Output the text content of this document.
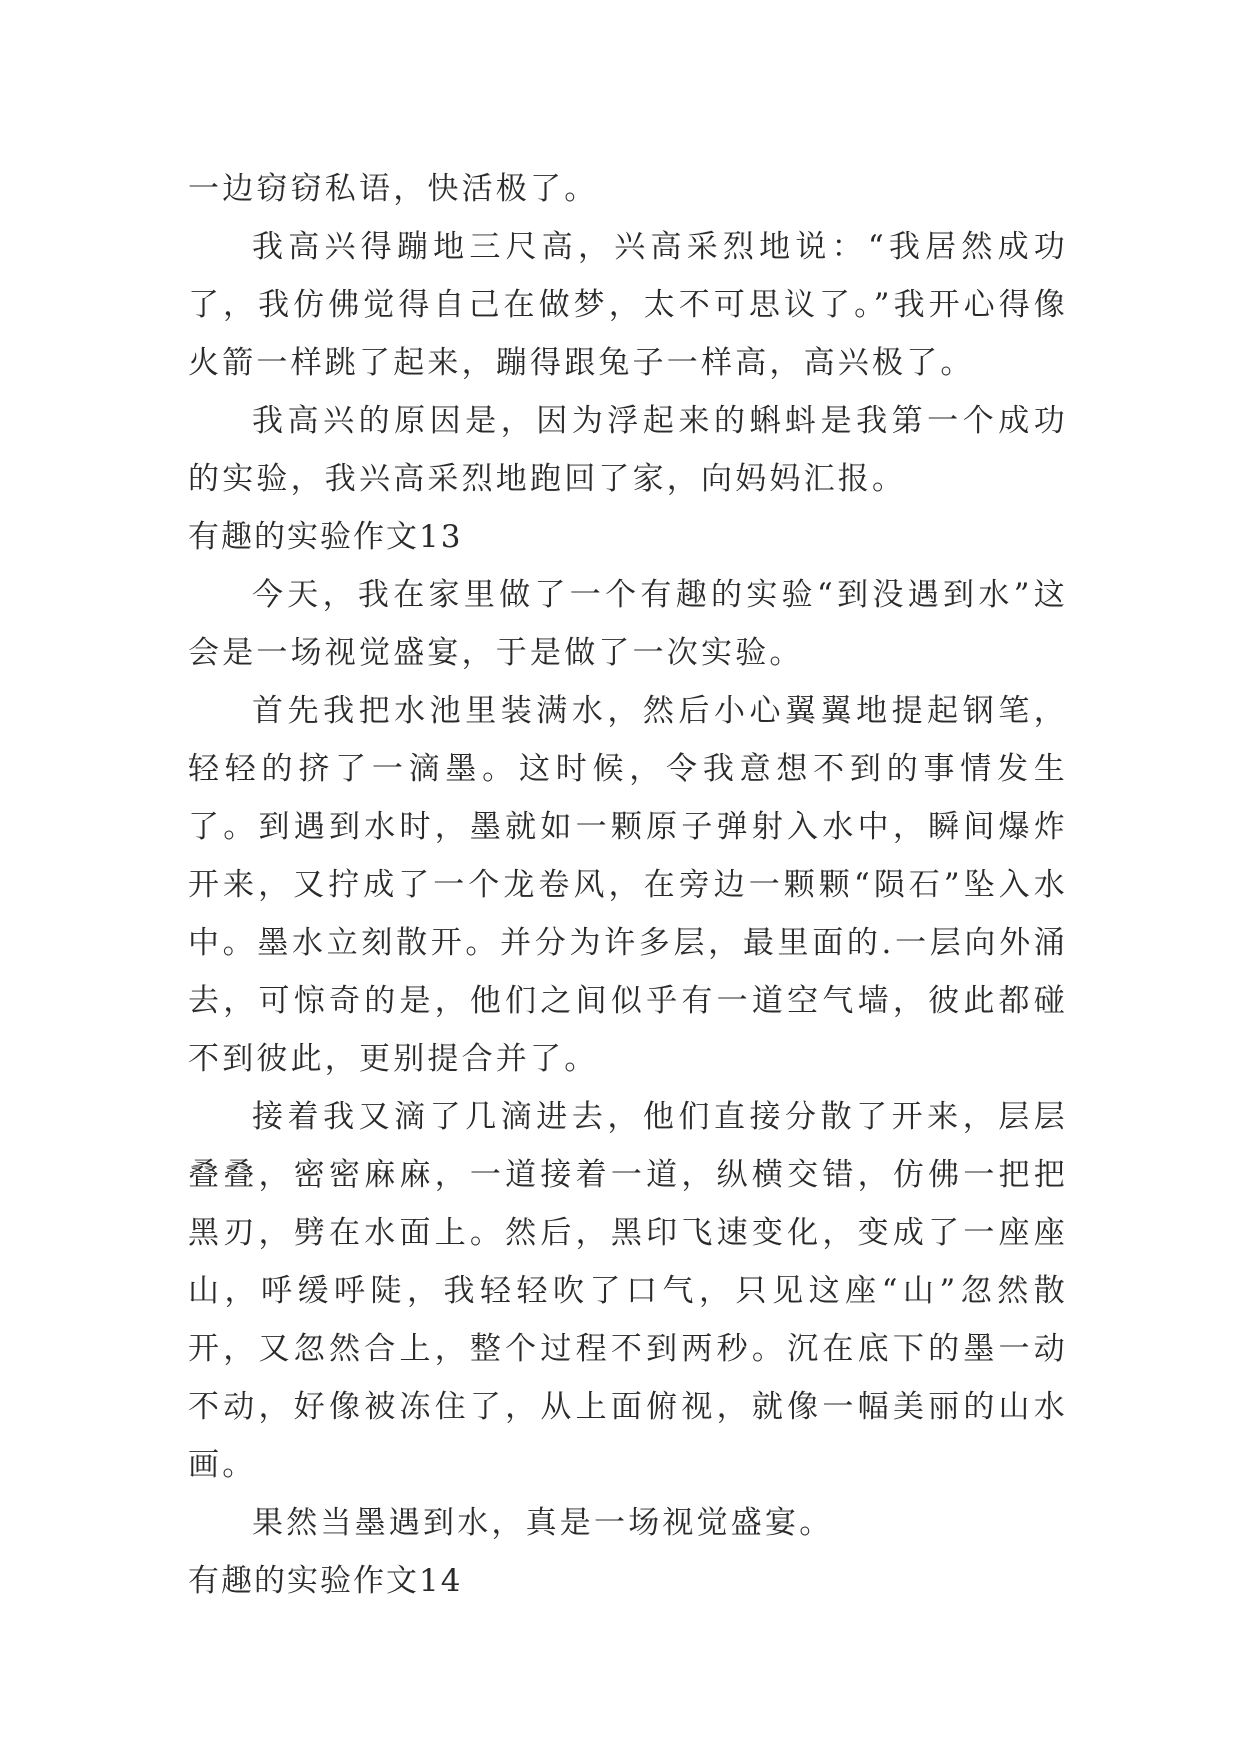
一边窃窃私语，快活极了。

我高兴得蹦地三尺高，兴高采烈地说：“我居然成功了，我仿佛觉得自己在做梦，太不可思议了。”我开心得像火箭一样跳了起来，蹦得跟兔子一样高，高兴极了。

我高兴的原因是，因为浮起来的蝌蚪是我第一个成功的实验，我兴高采烈地跑回了家，向妈妈汇报。

有趣的实验作文13

今天，我在家里做了一个有趣的实验“到没遇到水”这会是一场视觉盛宴，于是做了一次实验。

首先我把水池里装满水，然后小心翼翼地提起钢笔，轻轻的挤了一滴墨。这时候，令我意想不到的事情发生了。到遇到水时，墨就如一颗原子弹射入水中，瞬间爆炸开来，又拧成了一个龙卷风，在旁边一颗颗“陨石”坠入水中。墨水立刻散开。并分为许多层，最里面的.一层向外涌去，可惊奇的是，他们之间似乎有一道空气墙，彼此都碰不到彼此，更别提合并了。

接着我又滴了几滴进去，他们直接分散了开来，层层叠叠，密密麻麻，一道接着一道，纵横交错，仿佛一把把黑刃，劈在水面上。然后，黑印飞速变化，变成了一座座山，呼缓呼陡，我轻轻吹了口气，只见这座“山”忽然散开，又忽然合上，整个过程不到两秒。沉在底下的墨一动不动，好像被冻住了，从上面俯视，就像一幅美丽的山水画。

果然当墨遇到水，真是一场视觉盛宴。

有趣的实验作文14
